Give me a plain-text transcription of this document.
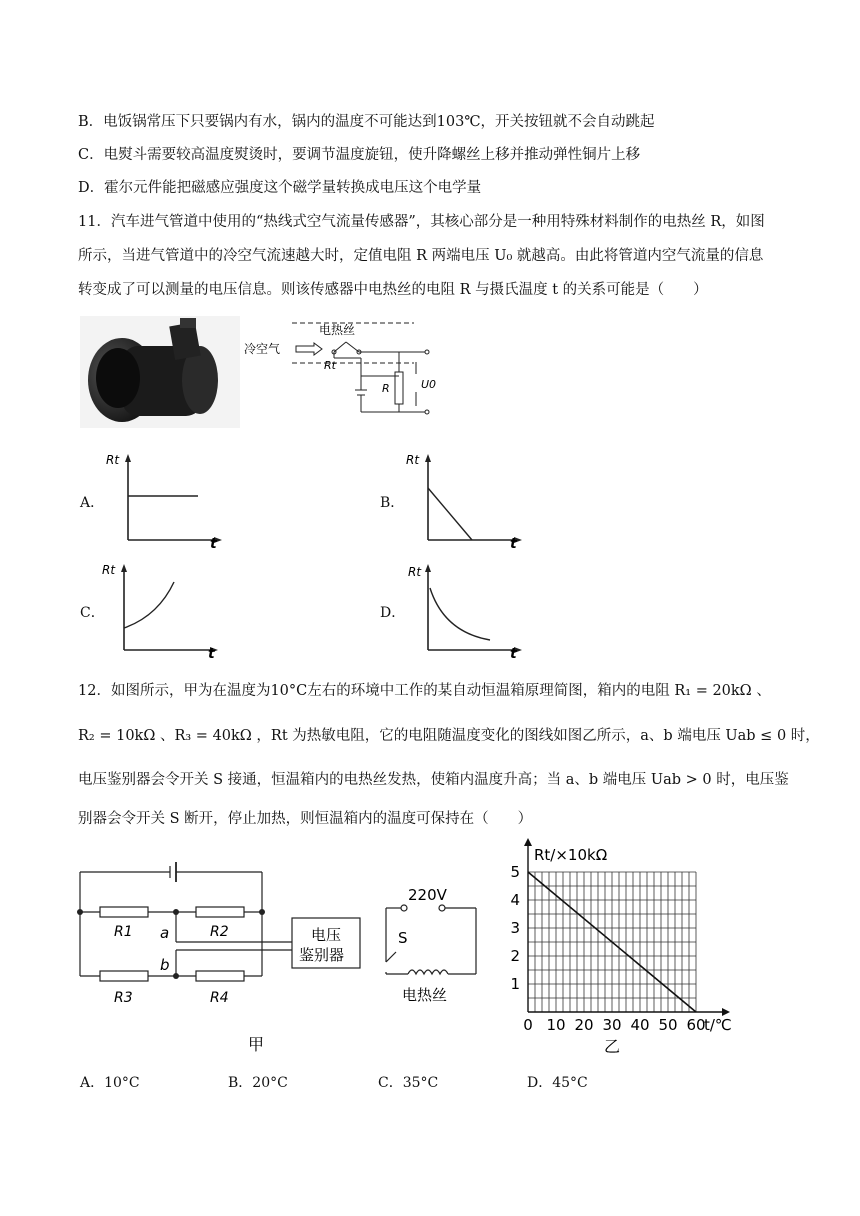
B．电饭锅常压下只要锅内有水，锅内的温度不可能达到103℃，开关按钮就不会自动跳起
C．电熨斗需要较高温度熨烫时，要调节温度旋钮，使升降螺丝上移并推动弹性铜片上移
D．霍尔元件能把磁感应强度这个磁学量转换成电压这个电学量
11．汽车进气管道中使用的“热线式空气流量传感器”，其核心部分是一种用特殊材料制作的电热丝 R，如图
所示，当进气管道中的冷空气流速越大时，定值电阻 R 两端电压 U₀ 就越高。由此将管道内空气流量的信息
转变成了可以测量的电压信息。则该传感器中电热丝的电阻 R 与摄氏温度 t 的关系可能是（　　）
电热丝
冷空气
Rt
R	U0
A．
Rt
t
B．
Rt
t
C．
Rt
t
D．
Rt
t
12．如图所示，甲为在温度为10°C左右的环境中工作的某自动恒温箱原理简图，箱内的电阻 R₁ = 20kΩ 、
R₂ = 10kΩ 、R₃ = 40kΩ ，Rt 为热敏电阻，它的电阻随温度变化的图线如图乙所示，a、b 端电压 Uab ≤ 0 时，
电压鉴别器会令开关 S 接通，恒温箱内的电热丝发热，使箱内温度升高；当 a、b 端电压 Uab > 0 时，电压鉴
别器会令开关 S 断开，停止加热，则恒温箱内的温度可保持在（　　）
R1	R2
R3	R4
a
b
电压
鉴别器
甲
220V
S
电热丝
0 10 20 30 40 50 60
1
2
3
4
5
Rt/×10kΩ
t/℃
乙
A．10°C	B．20°C	C．35°C	D．45°C
